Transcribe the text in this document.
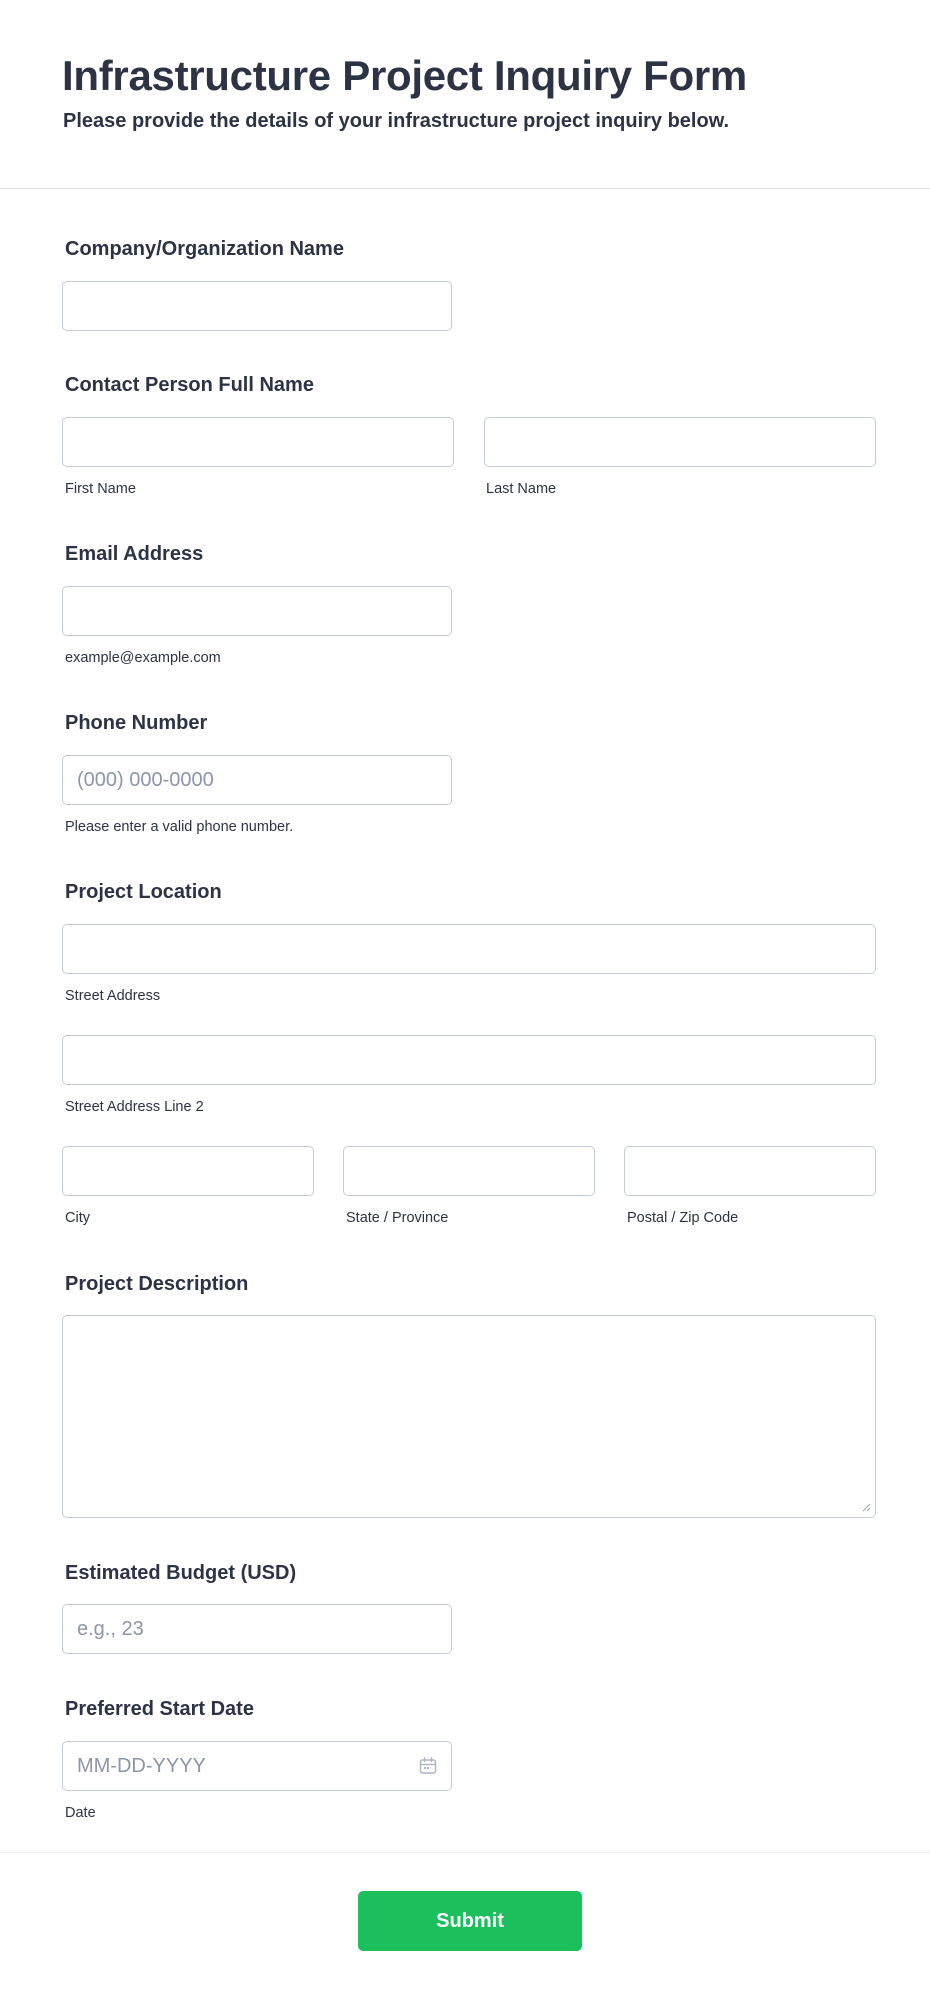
Infrastructure Project Inquiry Form
Please provide the details of your infrastructure project inquiry below.
Company/Organization Name
Contact Person Full Name
First Name	Last Name
Email Address
example@example.com
Phone Number
(000) 000-0000
Please enter a valid phone number.
Project Location
Street Address
Street Address Line 2
City	State / Province	Postal / Zip Code
Project Description
Estimated Budget (USD)
e.g., 23
Preferred Start Date
MM-DD-YYYY
Date
Submit
